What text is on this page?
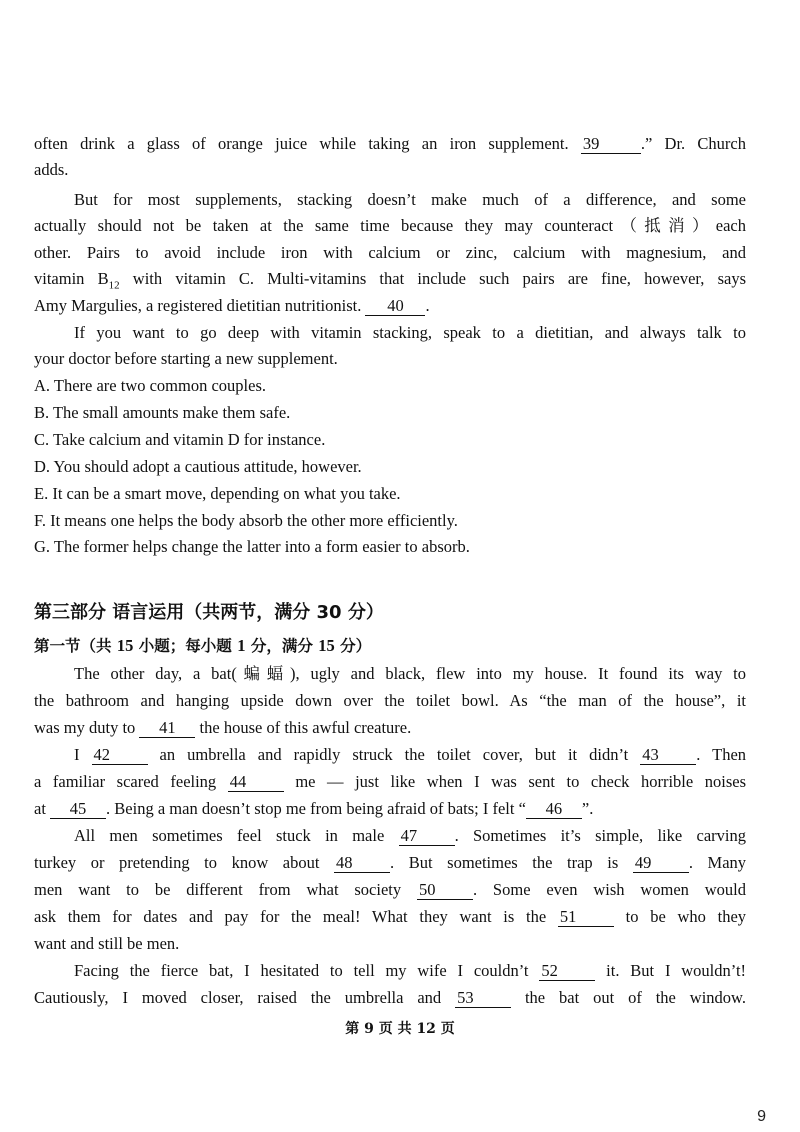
often drink a glass of orange juice while taking an iron supplement. 39	.” Dr. Church
adds.
But for most supplements, stacking doesn’t make much of a difference, and some
actually should not be taken at the same time because they may counteract（抵消）each
other. Pairs to avoid include iron with calcium or zinc, calcium with magnesium, and
vitamin $B_{12}$ with vitamin C. Multi-vitamins that include such pairs are fine, however, says
Amy Margulies, a registered dietitian nutritionist. 40 .
If you want to go deep with vitamin stacking, speak to a dietitian, and always talk to
your doctor before starting a new supplement.
A. There are two common couples.
B. The small amounts make them safe.
C. Take calcium and vitamin D for instance.
D. You should adopt a cautious attitude, however.
E. It can be a smart move, depending on what you take.
F. It means one helps the body absorb the other more efficiently.
G. The former helps change the latter into a form easier to absorb.
第三部分 语言运用（共两节，满分 30 分）
第一节（共 15 小题；每小题 1 分，满分 15 分）
The other day, a bat(蝙蝠), ugly and black, flew into my house. It found its way to
the bathroom and hanging upside down over the toilet bowl. As “the man of the house”, it
was my duty to 41 the house of this awful creature.
I 42	an umbrella and rapidly struck the toilet cover, but it didn’t 43 . Then
a familiar scared feeling 44	me — just like when I was sent to check horrible noises
at 45 . Being a man doesn’t stop me from being afraid of bats; I felt “ 46 ”.
All men sometimes feel stuck in male 47 . Sometimes it’s simple, like carving
turkey or pretending to know about 48 . But sometimes the trap is 49 . Many
men want to be different from what society 50 . Some even wish women would
ask them for dates and pay for the meal! What they want is the 51	to be who they
want and still be men.
Facing the fierce bat, I hesitated to tell my wife I couldn’t 52	it. But I wouldn’t!
Cautiously, I moved closer, raised the umbrella and 53	the bat out of the window.
第 9 页 共 12 页
9
